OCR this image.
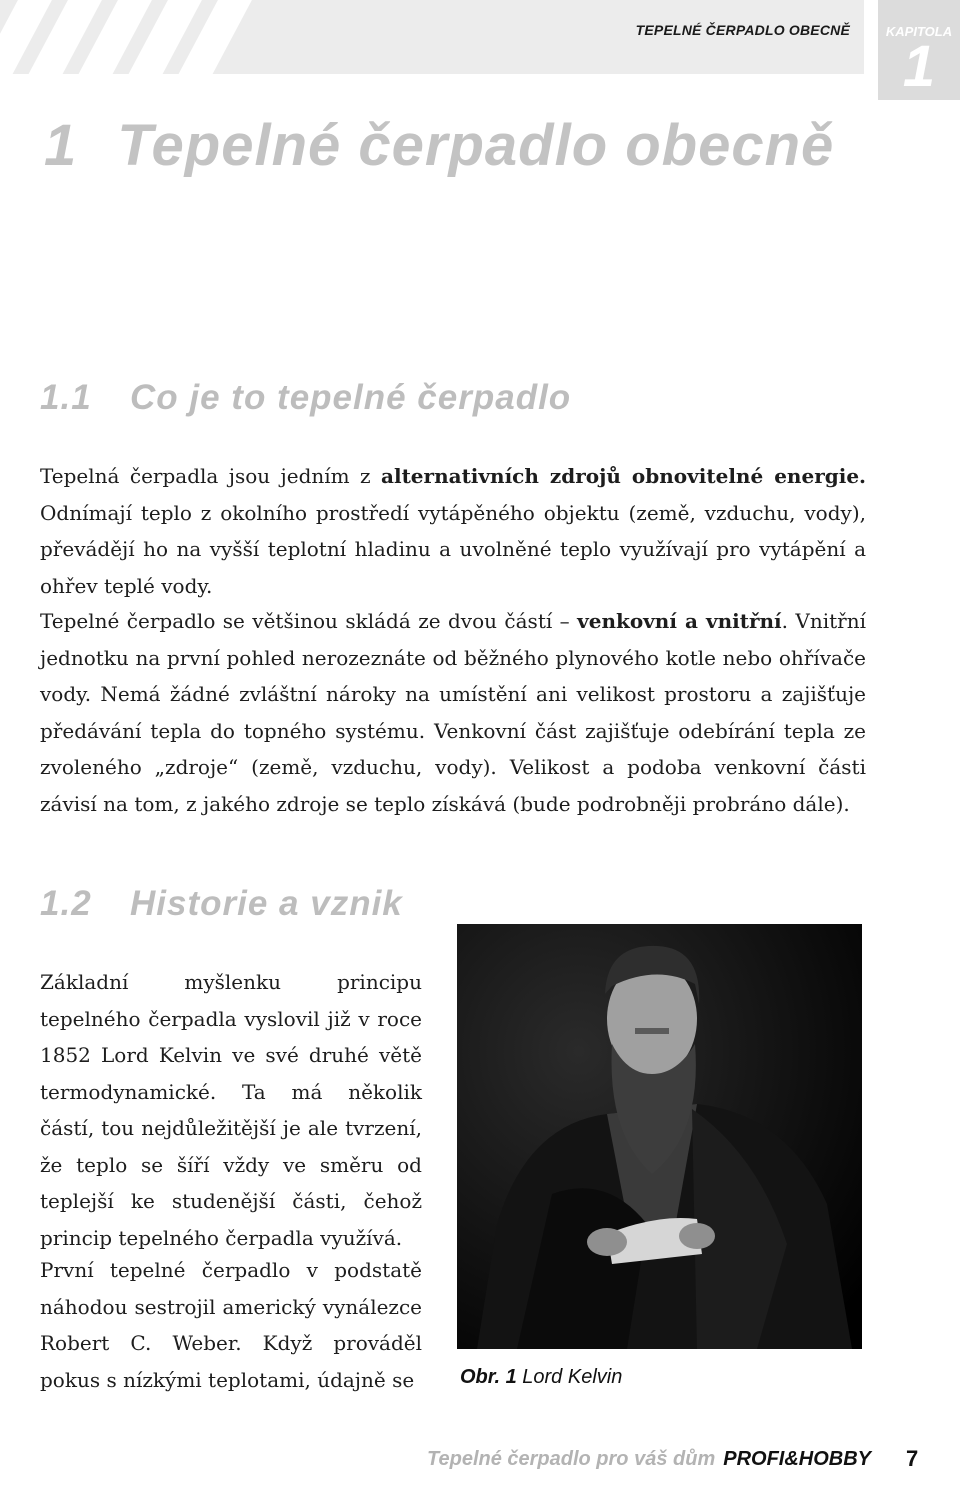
TEPELNÉ ČERPADLO OBECNĚ	KAPITOLA
1
1 Tepelné čerpadlo obecně
1.1 Co je to tepelné čerpadlo

Tepelná čerpadla jsou jedním z alternativních zdrojů obnovitelné energie. Odnímají teplo z okolního prostředí vytápěného objektu (země, vzduchu, vody), převádějí ho na vyšší teplotní hladinu a uvolněné teplo využívají pro vytápění a ohřev teplé vody.

Tepelné čerpadlo se většinou skládá ze dvou částí – venkovní a vnitřní. Vnitřní jednotku na první pohled nerozeznáte od běžného plynového kotle nebo ohřívače vody. Nemá žádné zvláštní nároky na umístění ani velikost prostoru a zajišťuje předávání tepla do topného systému. Venkovní část zajišťuje odebírání tepla ze zvoleného „zdroje“ (země, vzduchu, vody). Velikost a podoba venkovní části závisí na tom, z jakého zdroje se teplo získává (bude podrobněji probráno dále).

1.2 Historie a vznik

Základní myšlenku principu tepelného čerpadla vyslovil již v roce 1852 Lord Kelvin ve své druhé větě termodynamické. Ta má několik částí, tou nejdůležitější je ale tvrzení, že teplo se šíří vždy ve směru od teplejší ke studenější části, čehož princip tepelného čerpadla využívá.

První tepelné čerpadlo v podstatě náhodou sestrojil americký vynálezce Robert C. Weber. Když prováděl pokus s nízkými teplotami, údajně se	Obr. 1 Lord Kelvin
Tepelné čerpadlo pro váš dům PROFI&HOBBY 7
